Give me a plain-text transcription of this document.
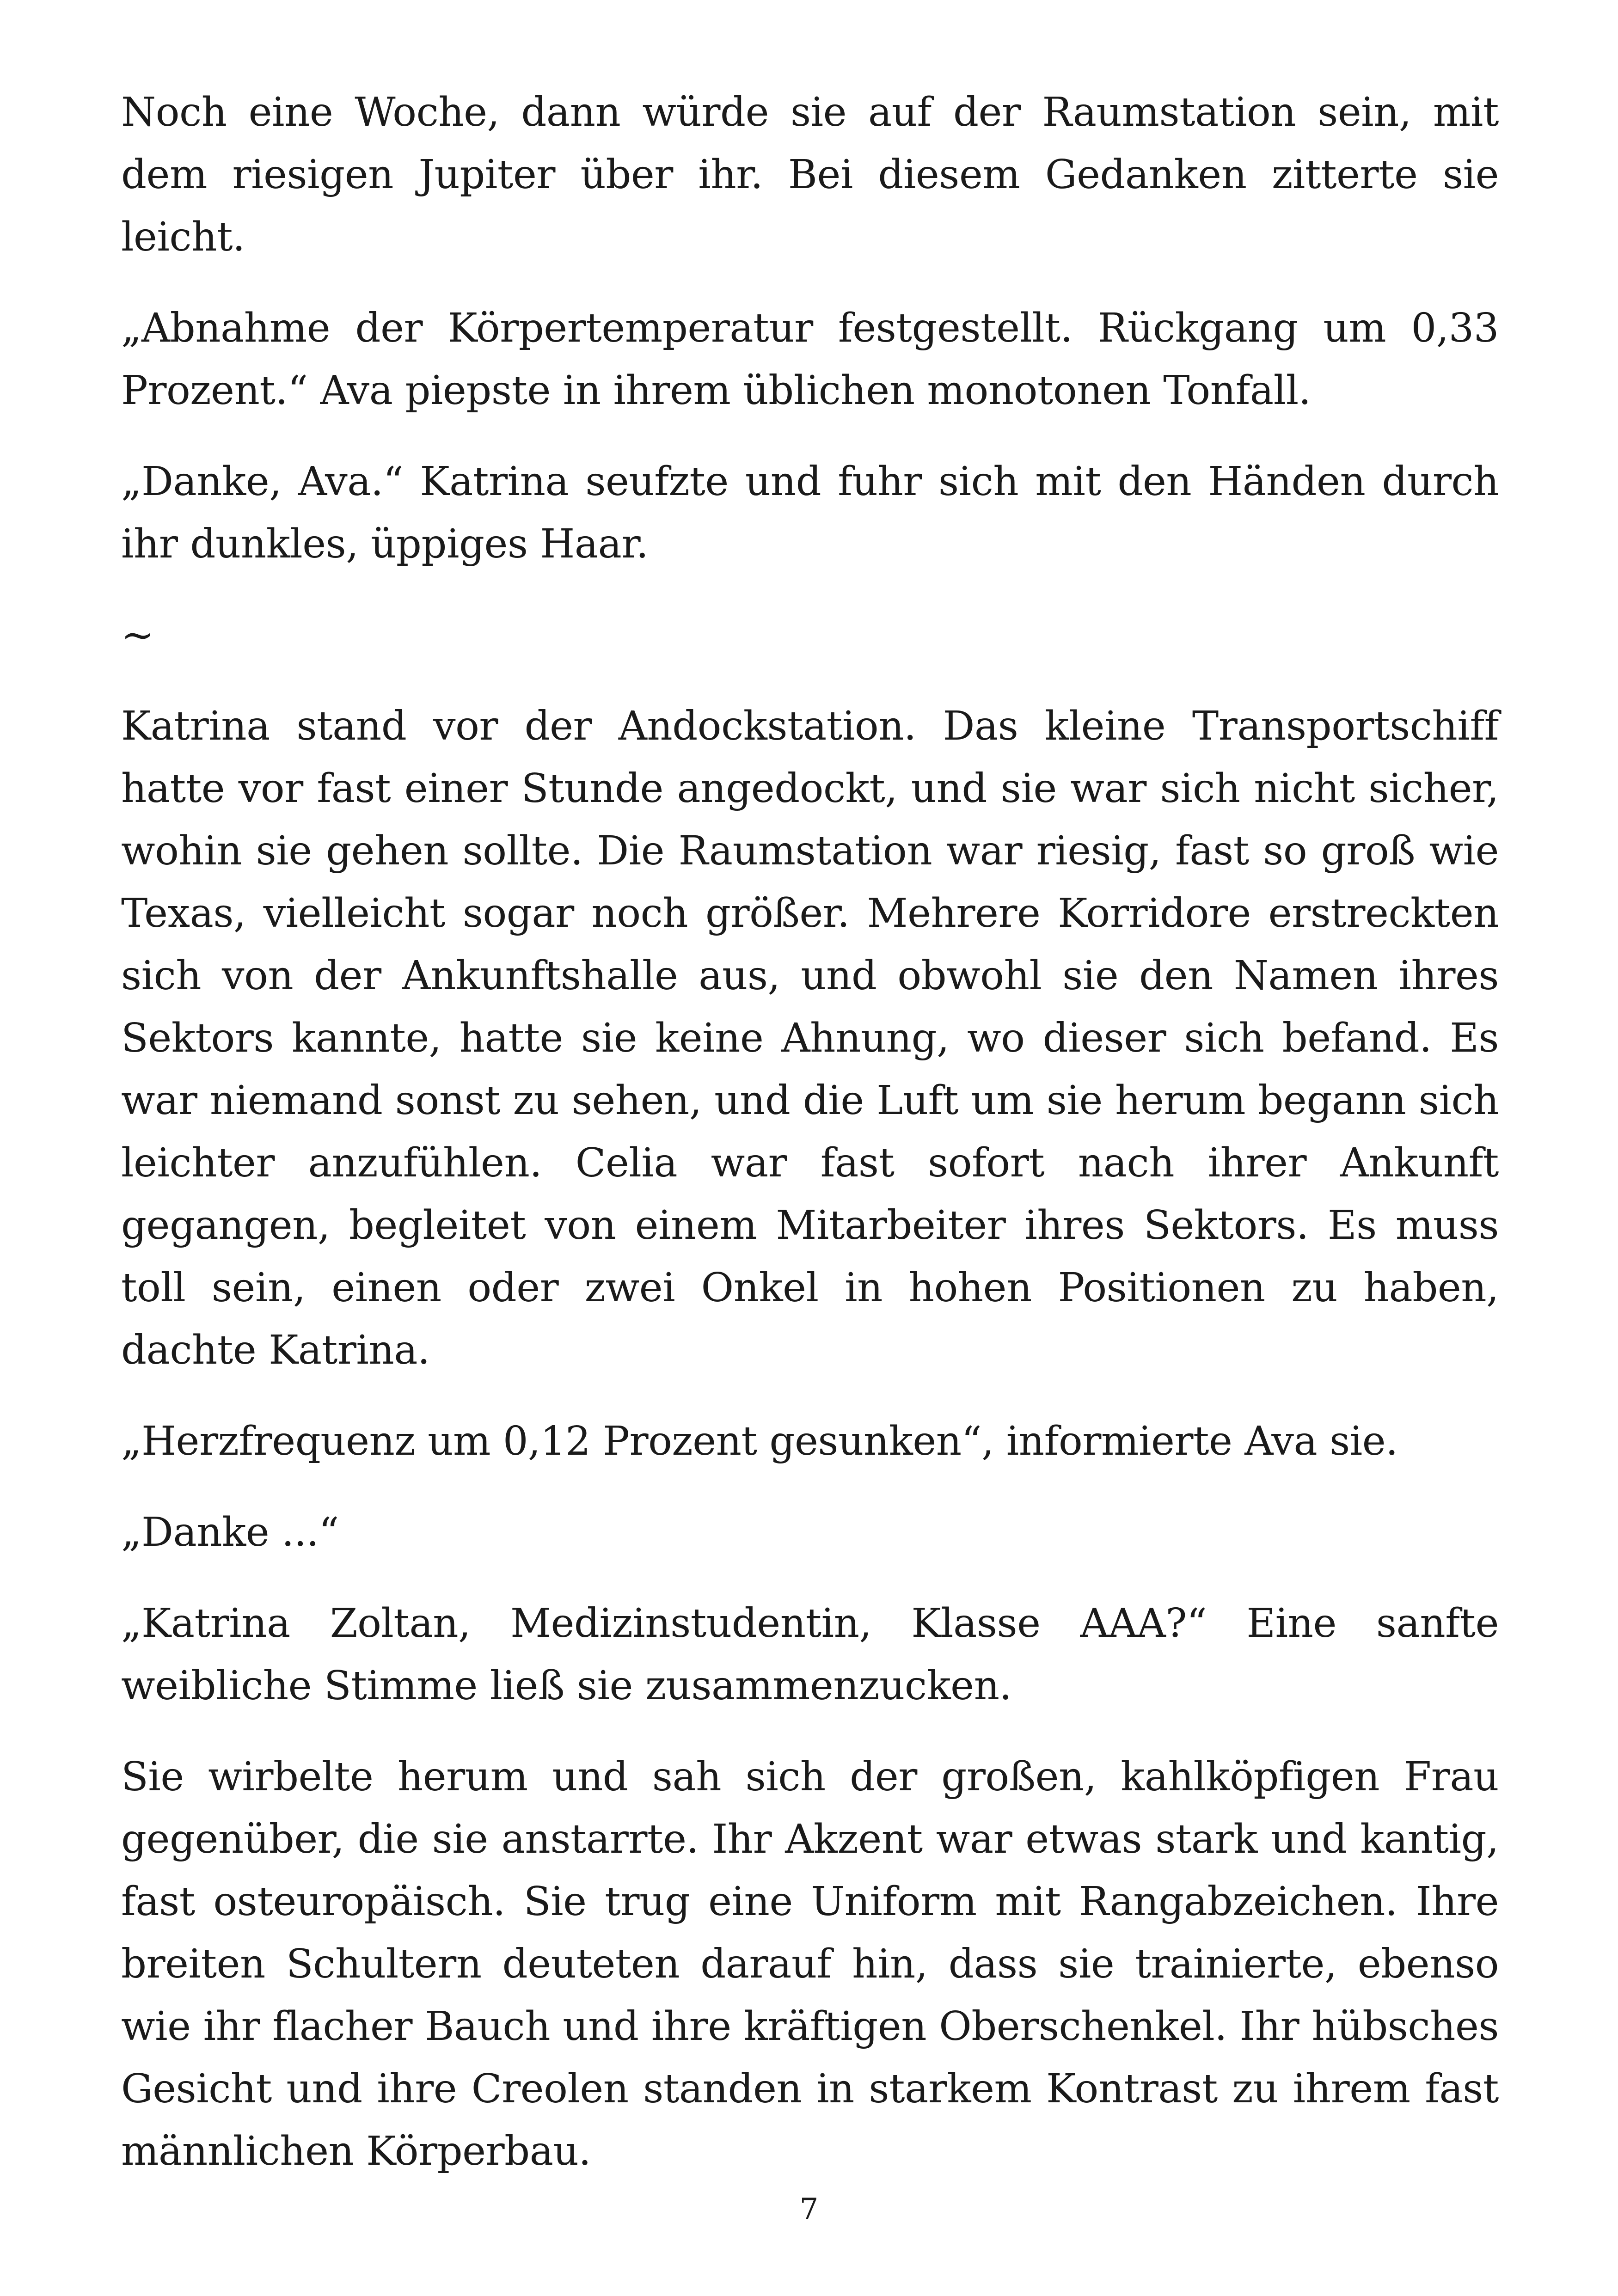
Noch eine Woche, dann würde sie auf der Raumstation sein, mit dem riesigen Jupiter über ihr. Bei diesem Gedanken zitterte sie leicht.

„Abnahme der Körpertemperatur festgestellt. Rückgang um 0,33 Prozent.“ Ava piepste in ihrem üblichen monotonen Tonfall.

„Danke, Ava.“ Katrina seufzte und fuhr sich mit den Händen durch ihr dunkles, üppiges Haar.

~

Katrina stand vor der Andockstation. Das kleine Transportschiff hatte vor fast einer Stunde angedockt, und sie war sich nicht sicher, wohin sie gehen sollte. Die Raumstation war riesig, fast so groß wie Texas, vielleicht sogar noch größer. Mehrere Korridore erstreckten sich von der Ankunftshalle aus, und obwohl sie den Namen ihres Sektors kannte, hatte sie keine Ahnung, wo dieser sich befand. Es war niemand sonst zu sehen, und die Luft um sie herum begann sich leichter anzufühlen. Celia war fast sofort nach ihrer Ankunft gegangen, begleitet von einem Mitarbeiter ihres Sektors. Es muss toll sein, einen oder zwei Onkel in hohen Positionen zu haben, dachte Katrina.

„Herzfrequenz um 0,12 Prozent gesunken“, informierte Ava sie.

„Danke ...“

„Katrina Zoltan, Medizinstudentin, Klasse AAA?“ Eine sanfte weibliche Stimme ließ sie zusammenzucken.

Sie wirbelte herum und sah sich der großen, kahlköpfigen Frau gegenüber, die sie anstarrte. Ihr Akzent war etwas stark und kantig, fast osteuropäisch. Sie trug eine Uniform mit Rangabzeichen. Ihre breiten Schultern deuteten darauf hin, dass sie trainierte, ebenso wie ihr flacher Bauch und ihre kräftigen Oberschenkel. Ihr hübsches Gesicht und ihre Creolen standen in starkem Kontrast zu ihrem fast männlichen Körperbau.

7
